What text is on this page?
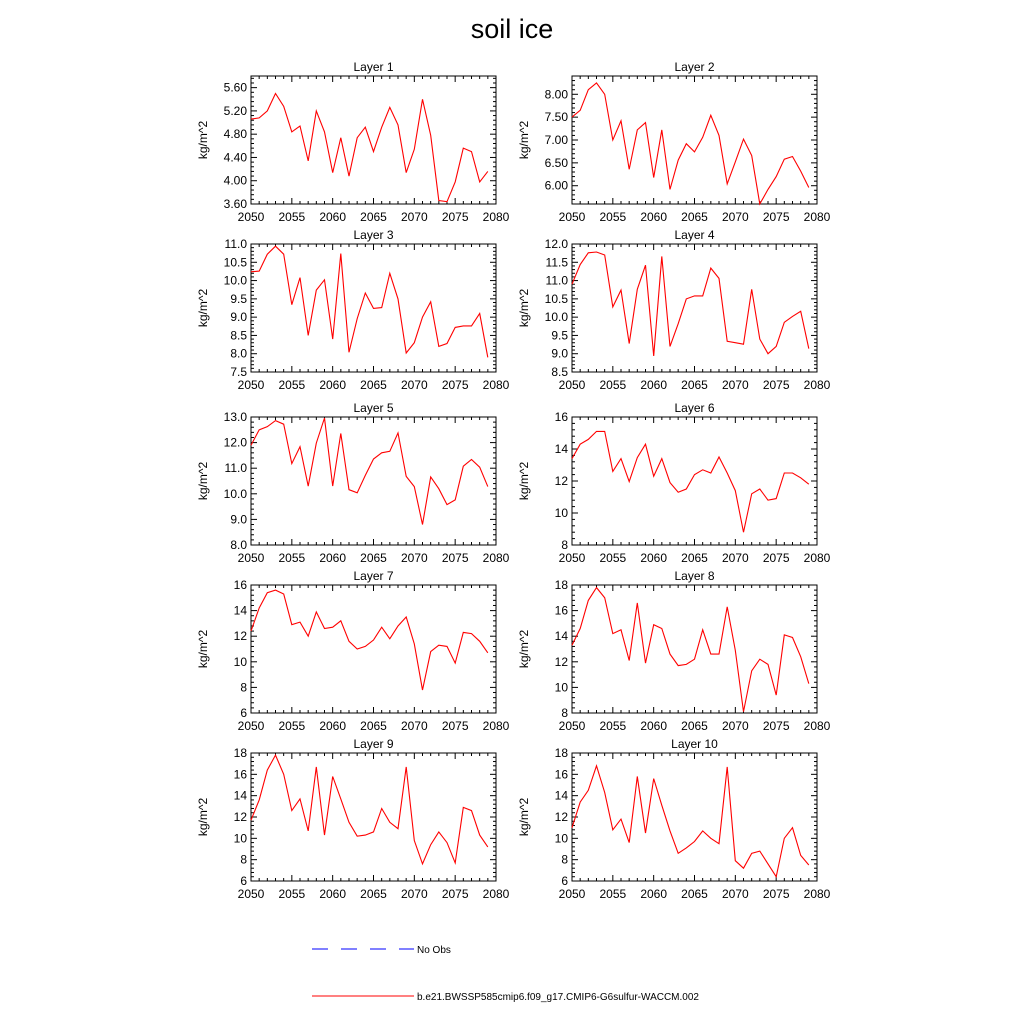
soil ice
Layer 1
2050 2055 2060 2065 2070 2075 2080
3.60
4.00
4.40
4.80
5.20
5.60
kg/m^2
Layer 2
2050 2055 2060 2065 2070 2075 2080
6.00
6.50
7.00
7.50
8.00
kg/m^2
Layer 3
2050 2055 2060 2065 2070 2075 2080
7.5
8.0
8.5
9.0
9.5
10.0
10.5
11.0
kg/m^2
Layer 4
2050 2055 2060 2065 2070 2075 2080
8.5
9.0
9.5
10.0
10.5
11.0
11.5
12.0
kg/m^2
Layer 5
2050 2055 2060 2065 2070 2075 2080
8.0
9.0
10.0
11.0
12.0
13.0
kg/m^2
Layer 6
2050 2055 2060 2065 2070 2075 2080
8
10
12
14
16
kg/m^2
Layer 7
2050 2055 2060 2065 2070 2075 2080
6
8
10
12
14
16
kg/m^2
Layer 8
2050 2055 2060 2065 2070 2075 2080
8
10
12
14
16
18
kg/m^2
Layer 9
2050 2055 2060 2065 2070 2075 2080
6
8
10
12
14
16
18
kg/m^2
Layer 10
2050 2055 2060 2065 2070 2075 2080
6
8
10
12
14
16
18
kg/m^2
No Obs
b.e21.BWSSP585cmip6.f09_g17.CMIP6-G6sulfur-WACCM.002
